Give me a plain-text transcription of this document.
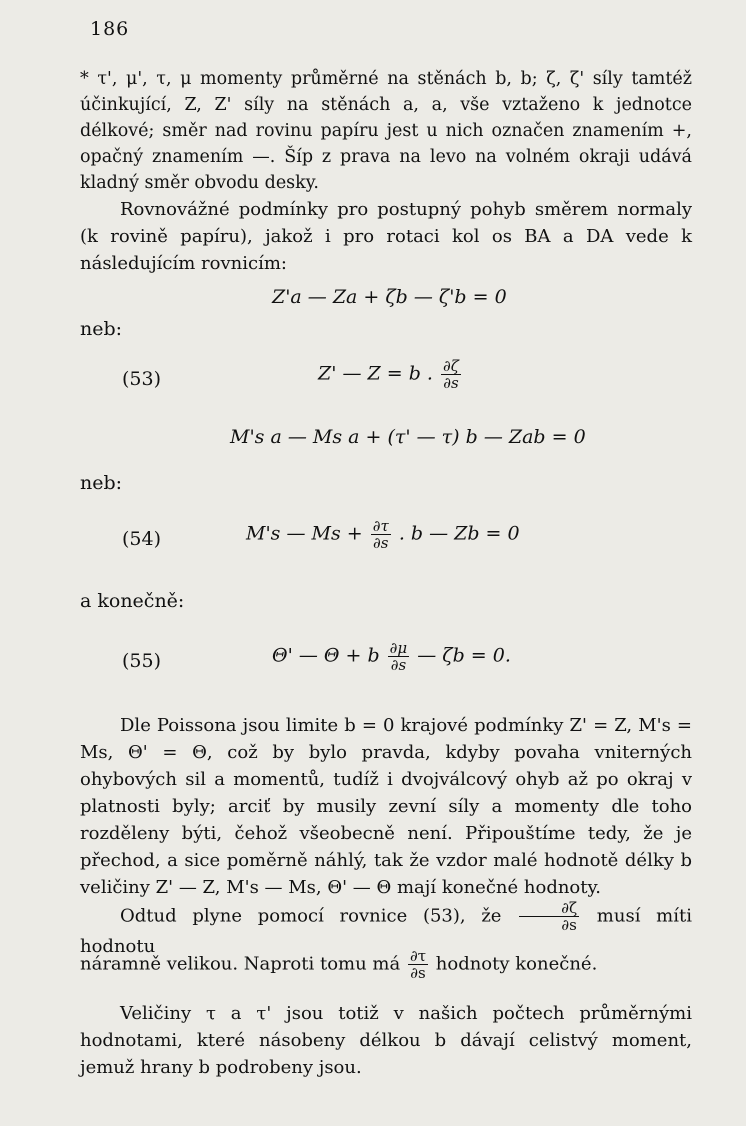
186
* τ', μ', τ, μ momenty průměrné na stěnách b, b; ζ, ζ' síly tamtéž účinkující, Z, Z' síly na stěnách a, a, vše vztaženo k jednotce délkové; směr nad rovinu papíru jest u nich označen znamením +, opačný znamením —. Šíp z prava na levo na volném okraji udává kladný směr obvodu desky.
Rovnovážné podmínky pro postupný pohyb směrem normaly (k rovině papíru), jakož i pro rotaci kol os BA a DA vede k následujícím rovnicím:
Z'a — Za + ζb — ζ'b = 0
neb:
(53)	Z' — Z = b . $\frac{\partial\zeta}{\partial s}$
M's a — Ms a + (τ' — τ) b — Zab = 0
neb:
(54)	M's — $Ms + \frac{\partial\tau}{\partial s}$ . b — Zb = 0
a konečně:
(55)	Θ' — Θ + b $\frac{\partial\mu}{\partial s}$ — ζb = 0.
Dle Poissona jsou limite b = 0 krajové podmínky Z' = Z, M's = Ms, Θ' = Θ, což by bylo pravda, kdyby povaha vniterných ohybových sil a momentů, tudíž i dvojválcový ohyb až po okraj v platnosti byly; arciť by musily zevní síly a momenty dle toho rozděleny býti, čehož všeobecně není. Připouštíme tedy, že je přechod, a sice poměrně náhlý, tak že vzdor malé hodnotě délky b veličiny Z' — Z, M's — Ms, Θ' — Θ mají konečné hodnoty.
Odtud plyne pomocí rovnice (53), že $\frac{\partial\zeta}{\partial s}$ musí míti hodnotu
náramně velikou. Naproti tomu má $\frac{\partial\tau}{\partial s}$ hodnoty konečné.
Veličiny τ a τ' jsou totiž v našich počtech průměrnými hodnotami, které násobeny délkou b dávají celistvý moment, jemuž hrany b podrobeny jsou.
